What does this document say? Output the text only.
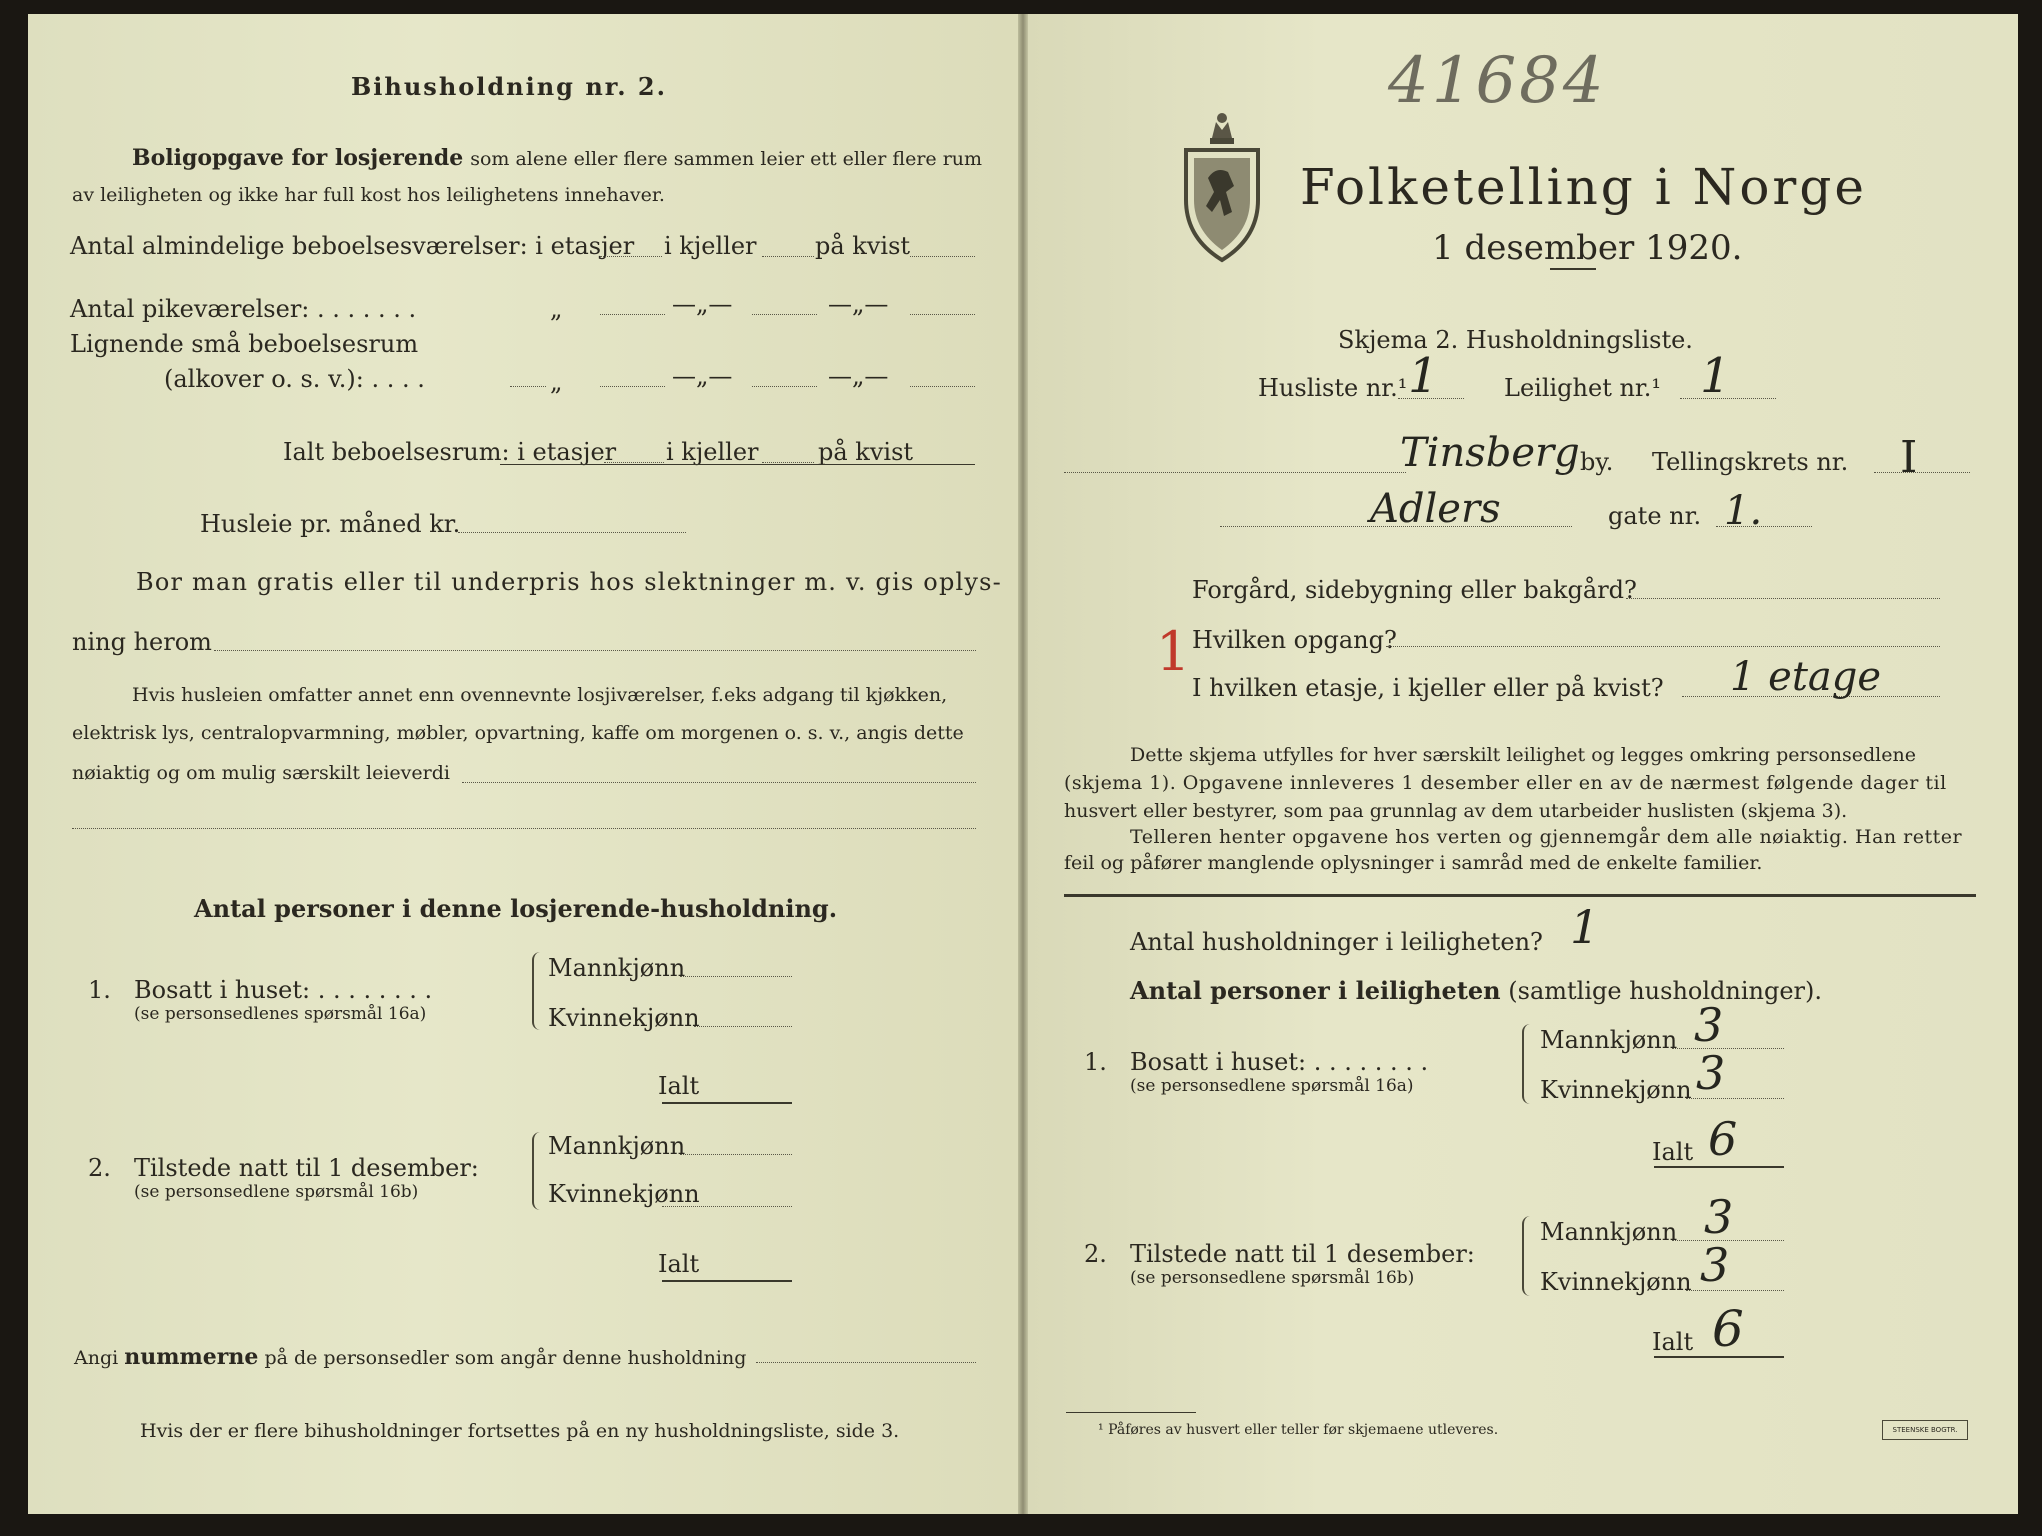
Bihusholdning nr. 2.
Boligopgave for losjerende som alene eller flere sammen leier ett eller flere rum
av leiligheten og ikke har full kost hos leilighetens innehaver.
Antal almindelige beboelsesværelser: i etasjer i kjeller på kvist
Antal pikeværelser: . . . . . . .	„	—„—	—„—
Lignende små beboelsesrum
(alkover o. s. v.): . . . .	„	—„—	—„—
Ialt beboelsesrum: i etasjer i kjeller på kvist
Husleie pr. måned kr.
Bor man gratis eller til underpris hos slektninger m. v. gis oplys-
ning herom
Hvis husleien omfatter annet enn ovennevnte losjiværelser, f.eks adgang til kjøkken,
elektrisk lys, centralopvarmning, møbler, opvartning, kaffe om morgenen o. s. v., angis dette
nøiaktig og om mulig særskilt leieverdi
Antal personer i denne losjerende-husholdning.
1. Bosatt i huset: . . . . . . . .
(se personsedlenes spørsmål 16a)
Mannkjønn
Kvinnekjønn
Ialt
2. Tilstede natt til 1 desember:
(se personsedlene spørsmål 16b)
Mannkjønn
Kvinnekjønn
Ialt
Angi nummerne på de personsedler som angår denne husholdning
Hvis der er flere bihusholdninger fortsettes på en ny husholdningsliste, side 3.
41684
Folketelling i Norge
1 desember 1920.
Skjema 2. Husholdningsliste.
Husliste nr.¹ 1	Leilighet nr.¹ 1
Tinsberg by. Tellingskrets nr. I
Adlers	gate nr. 1.
Forgård, sidebygning eller bakgård?
Hvilken opgang?
1
I hvilken etasje, i kjeller eller på kvist? 1 etage
Dette skjema utfylles for hver særskilt leilighet og legges omkring personsedlene
(skjema 1). Opgavene innleveres 1 desember eller en av de nærmest følgende dager til
husvert eller bestyrer, som paa grunnlag av dem utarbeider huslisten (skjema 3).
Telleren henter opgavene hos verten og gjennemgår dem alle nøiaktig. Han retter
feil og påfører manglende oplysninger i samråd med de enkelte familier.
Antal husholdninger i leiligheten? 1
Antal personer i leiligheten (samtlige husholdninger).
1. Bosatt i huset: . . . . . . . .
(se personsedlene spørsmål 16a)
Mannkjønn 3
Kvinnekjønn 3
Ialt 6
2. Tilstede natt til 1 desember:
(se personsedlene spørsmål 16b)
Mannkjønn 3
Kvinnekjønn 3
Ialt 6
¹ Påføres av husvert eller teller før skjemaene utleveres.	STEENSKE BOGTR.
